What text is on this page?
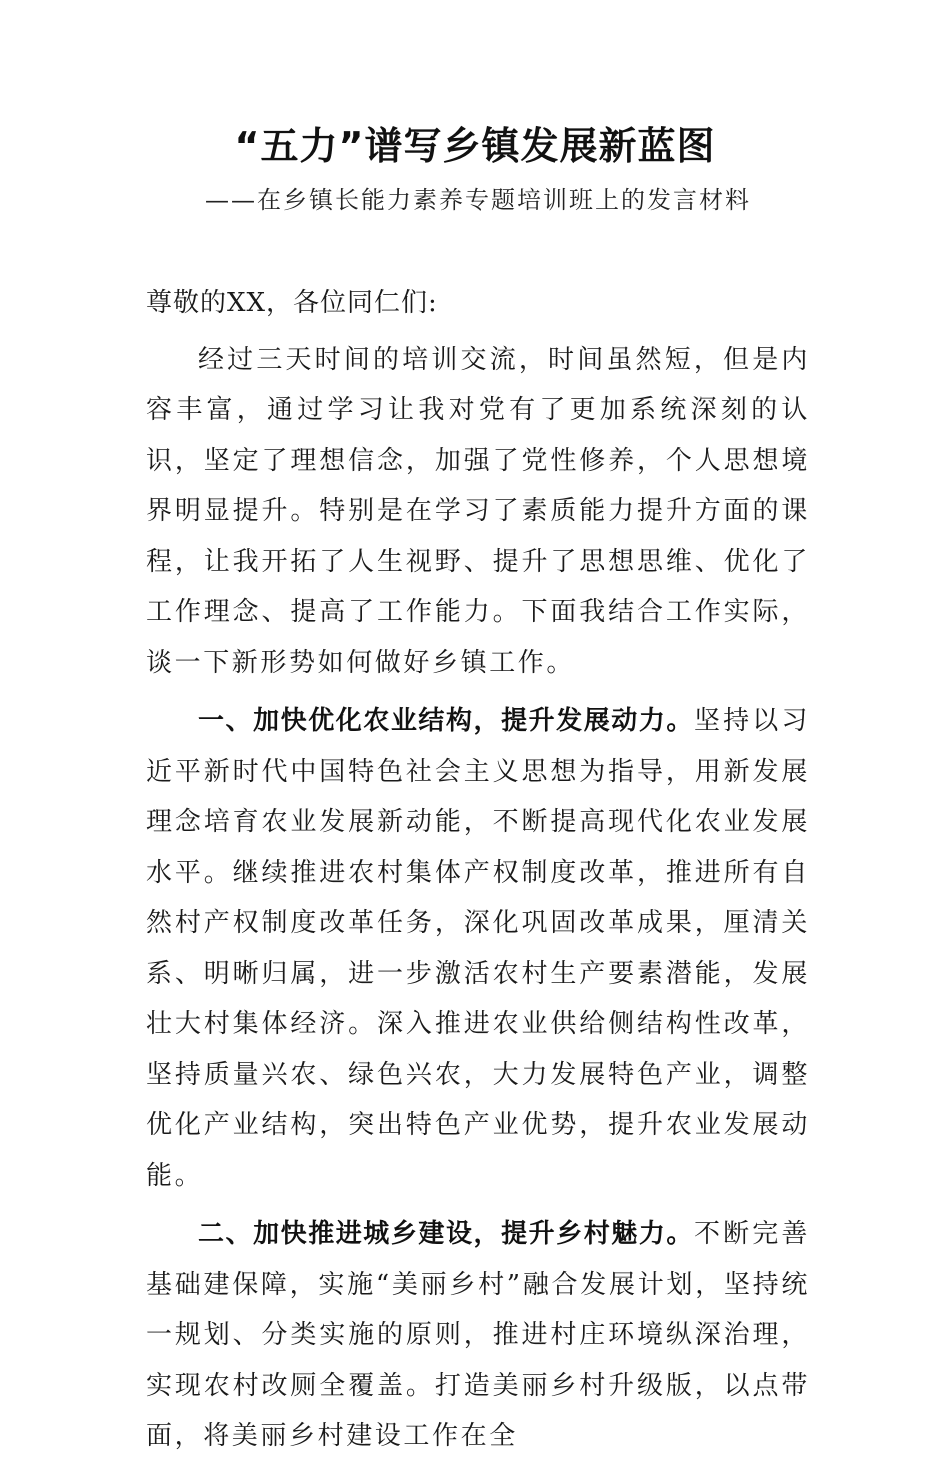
“五力”谱写乡镇发展新蓝图
——在乡镇长能力素养专题培训班上的发言材料

尊敬的XX，各位同仁们:

经过三天时间的培训交流，时间虽然短，但是内容丰富，通过学习让我对党有了更加系统深刻的认识，坚定了理想信念，加强了党性修养，个人思想境界明显提升。特别是在学习了素质能力提升方面的课程，让我开拓了人生视野、提升了思想思维、优化了工作理念、提高了工作能力。下面我结合工作实际，谈一下新形势如何做好乡镇工作。

一、加快优化农业结构，提升发展动力。坚持以习近平新时代中国特色社会主义思想为指导，用新发展理念培育农业发展新动能，不断提高现代化农业发展水平。继续推进农村集体产权制度改革，推进所有自然村产权制度改革任务，深化巩固改革成果，厘清关系、明晰归属，进一步激活农村生产要素潜能，发展壮大村集体经济。深入推进农业供给侧结构性改革，坚持质量兴农、绿色兴农，大力发展特色产业，调整优化产业结构，突出特色产业优势，提升农业发展动能。

二、加快推进城乡建设，提升乡村魅力。不断完善基础建保障，实施“美丽乡村”融合发展计划，坚持统一规划、分类实施的原则，推进村庄环境纵深治理，实现农村改厕全覆盖。打造美丽乡村升级版，以点带面，将美丽乡村建设工作在全
